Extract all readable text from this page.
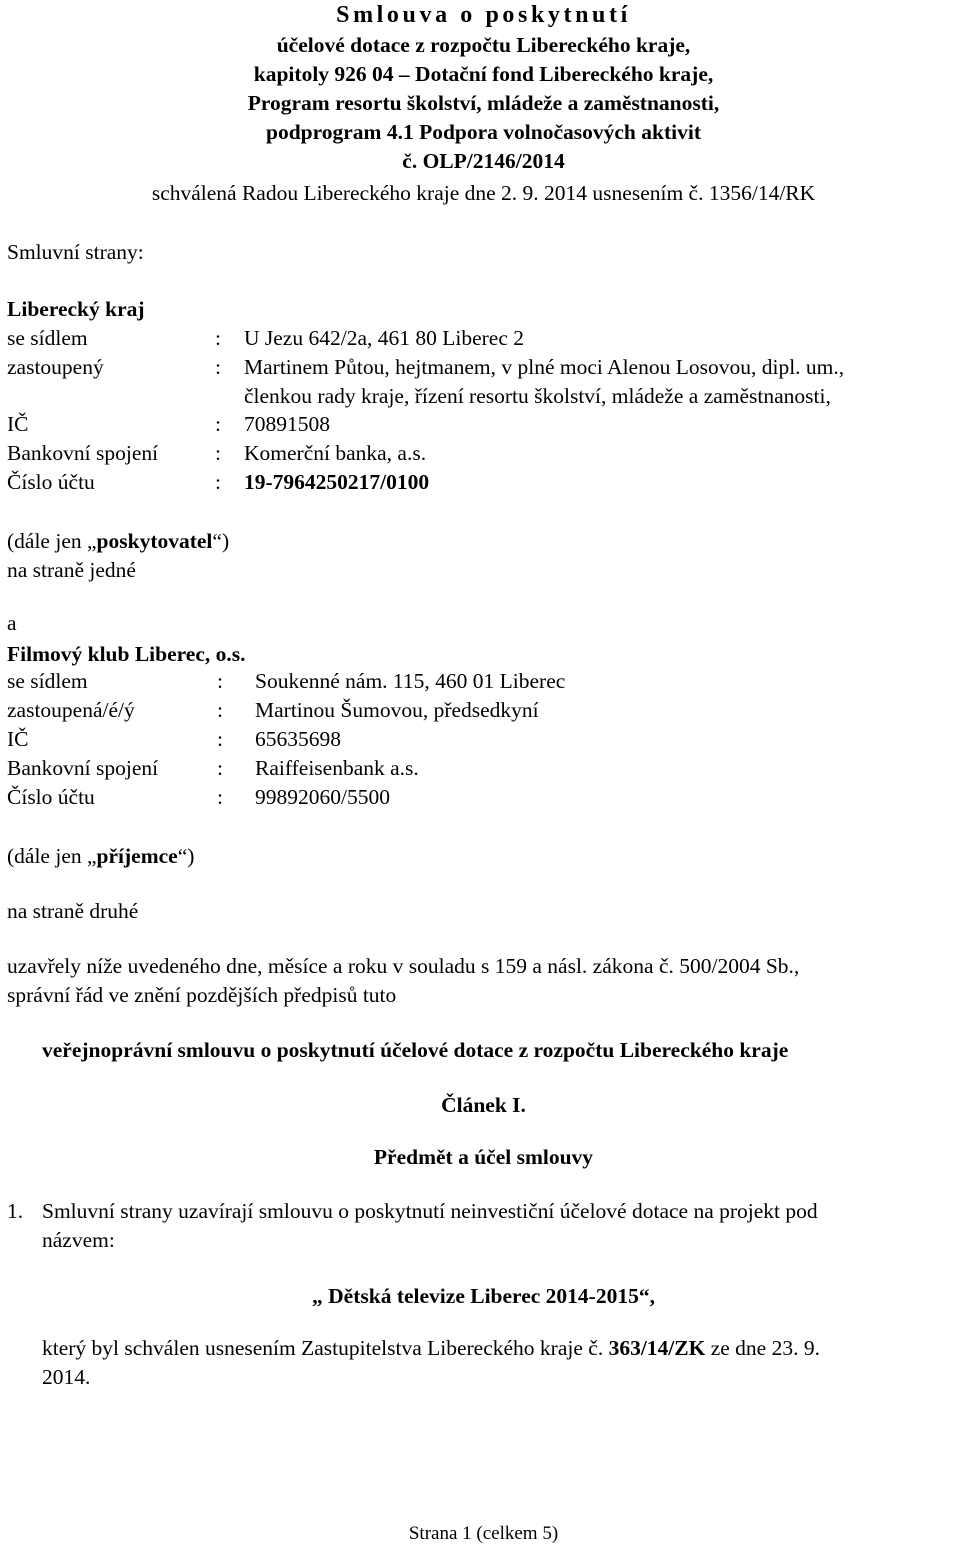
Smlouva o poskytnutí
účelové dotace z rozpočtu Libereckého kraje,
kapitoly 926 04 – Dotační fond Libereckého kraje,
Program resortu školství, mládeže a zaměstnanosti,
podprogram 4.1 Podpora volnočasových aktivit
č. OLP/2146/2014
schválená Radou Libereckého kraje dne 2. 9. 2014 usnesením č. 1356/14/RK
Smluvní strany:
Liberecký kraj
se sídlem	: U Jezu 642/2a, 461 80 Liberec 2
zastoupený	: Martinem Půtou, hejtmanem, v plné moci Alenou Losovou, dipl. um.,
členkou rady kraje, řízení resortu školství, mládeže a zaměstnanosti,
IČ	: 70891508
Bankovní spojení	: Komerční banka, a.s.
Číslo účtu	: 19-7964250217/0100
(dále jen „poskytovatel“)
na straně jedné
a
Filmový klub Liberec, o.s.
se sídlem	: Soukenné nám. 115, 460 01 Liberec
zastoupená/é/ý	: Martinou Šumovou, předsedkyní
IČ	: 65635698
Bankovní spojení	: Raiffeisenbank a.s.
Číslo účtu	: 99892060/5500
(dále jen „příjemce“)
na straně druhé
uzavřely níže uvedeného dne, měsíce a roku v souladu s 159 a násl. zákona č. 500/2004 Sb.,
správní řád ve znění pozdějších předpisů tuto
veřejnoprávní smlouvu o poskytnutí účelové dotace z rozpočtu Libereckého kraje
Článek I.
Předmět a účel smlouvy
1. Smluvní strany uzavírají smlouvu o poskytnutí neinvestiční účelové dotace na projekt pod
názvem:
„ Dětská televize Liberec 2014-2015“,
který byl schválen usnesením Zastupitelstva Libereckého kraje č. 363/14/ZK ze dne 23. 9.
2014.
Strana 1 (celkem 5)
